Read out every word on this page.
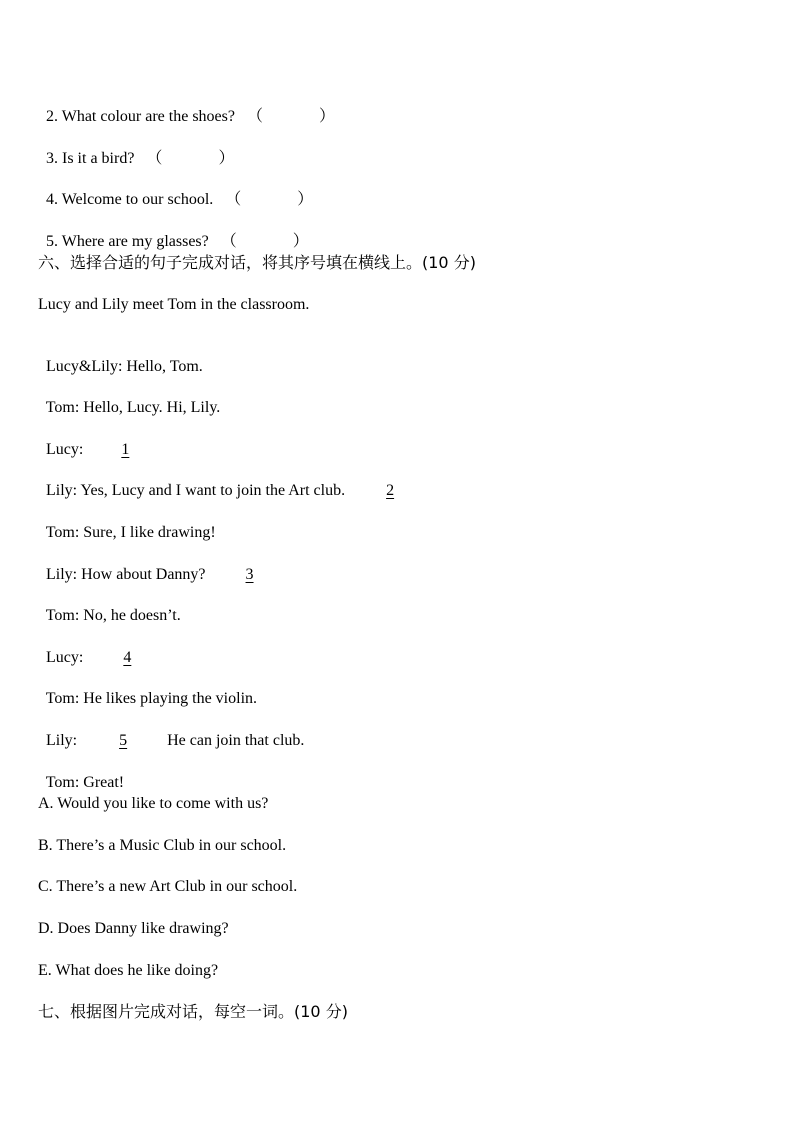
2. What colour are the shoes? （	）

3. Is it a bird? （	）

4. Welcome to our school. （	）

5. Where are my glasses? （	）

六、选择合适的句子完成对话，将其序号填在横线上。(10 分)
Lucy and Lily meet Tom in the classroom.

Lucy&Lily: Hello, Tom.

Tom: Hello, Lucy. Hi, Lily.

Lucy: 1

Lily: Yes, Lucy and I want to join the Art club. 2

Tom: Sure, I like drawing!

Lily: How about Danny? 3

Tom: No, he doesn’t.

Lucy: 4

Tom: He likes playing the violin.

Lily: 5 He can join that club.

Tom: Great!

A. Would you like to come with us?
B. There’s a Music Club in our school.
C. There’s a new Art Club in our school.
D. Does Danny like drawing?
E. What does he like doing?
七、根据图片完成对话，每空一词。(10 分)
